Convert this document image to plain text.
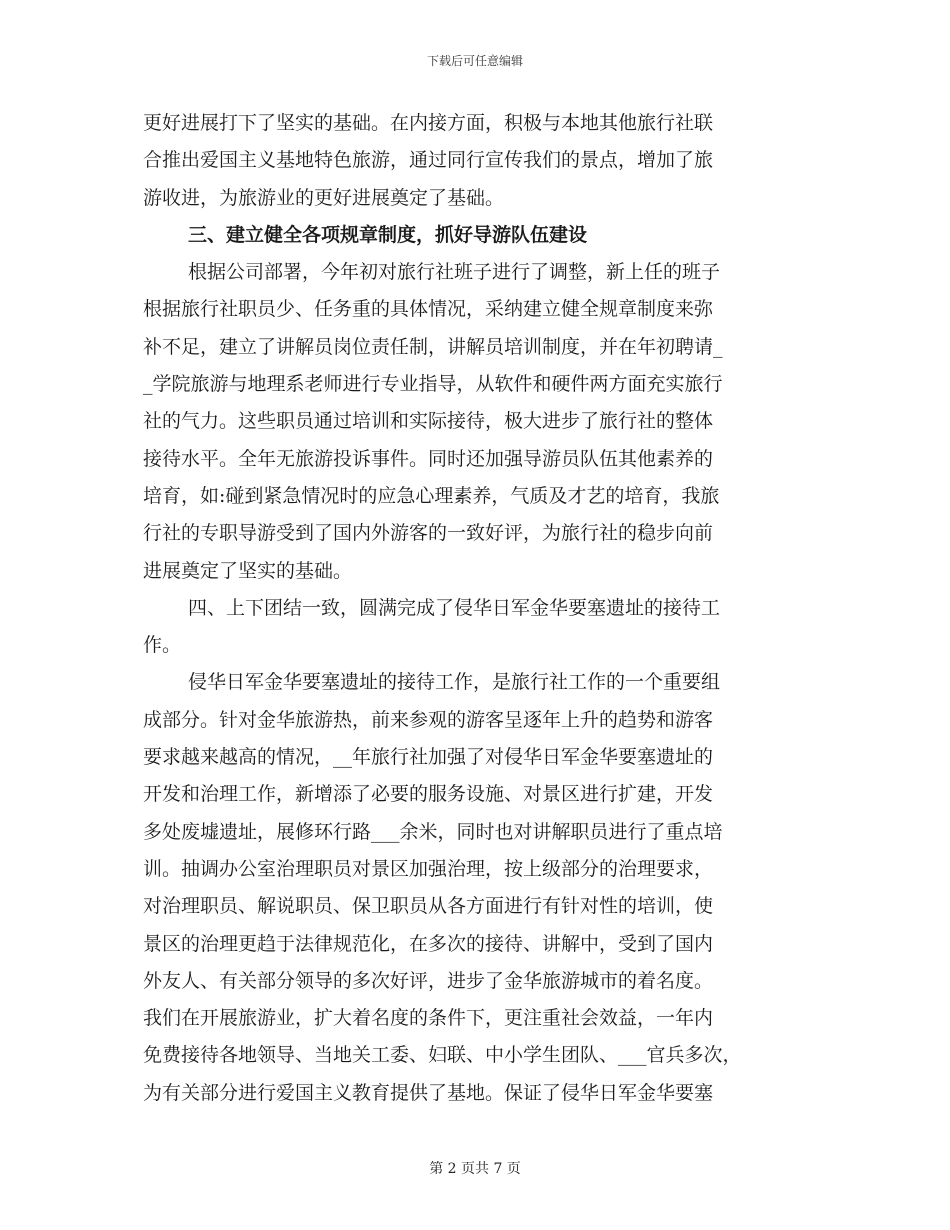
下载后可任意编辑
更好进展打下了坚实的基础。在内接方面，积极与本地其他旅行社联
合推出爱国主义基地特色旅游，通过同行宣传我们的景点，增加了旅
游收进，为旅游业的更好进展奠定了基础。
三、建立健全各项规章制度，抓好导游队伍建设
根据公司部署，今年初对旅行社班子进行了调整，新上任的班子
根据旅行社职员少、任务重的具体情况，采纳建立健全规章制度来弥
补不足，建立了讲解员岗位责任制，讲解员培训制度，并在年初聘请_
_学院旅游与地理系老师进行专业指导，从软件和硬件两方面充实旅行
社的气力。这些职员通过培训和实际接待，极大进步了旅行社的整体
接待水平。全年无旅游投诉事件。同时还加强导游员队伍其他素养的
培育，如:碰到紧急情况时的应急心理素养，气质及才艺的培育，我旅
行社的专职导游受到了国内外游客的一致好评，为旅行社的稳步向前
进展奠定了坚实的基础。
四、上下团结一致，圆满完成了侵华日军金华要塞遗址的接待工
作。
侵华日军金华要塞遗址的接待工作，是旅行社工作的一个重要组
成部分。针对金华旅游热，前来参观的游客呈逐年上升的趋势和游客
要求越来越高的情况，__年旅行社加强了对侵华日军金华要塞遗址的
开发和治理工作，新增添了必要的服务设施、对景区进行扩建，开发
多处废墟遗址，展修环行路___余米，同时也对讲解职员进行了重点培
训。抽调办公室治理职员对景区加强治理，按上级部分的治理要求，
对治理职员、解说职员、保卫职员从各方面进行有针对性的培训，使
景区的治理更趋于法律规范化，在多次的接待、讲解中，受到了国内
外友人、有关部分领导的多次好评，进步了金华旅游城市的着名度。
我们在开展旅游业，扩大着名度的条件下，更注重社会效益，一年内
免费接待各地领导、当地关工委、妇联、中小学生团队、___官兵多次，
为有关部分进行爱国主义教育提供了基地。保证了侵华日军金华要塞
第 2 页共 7 页
